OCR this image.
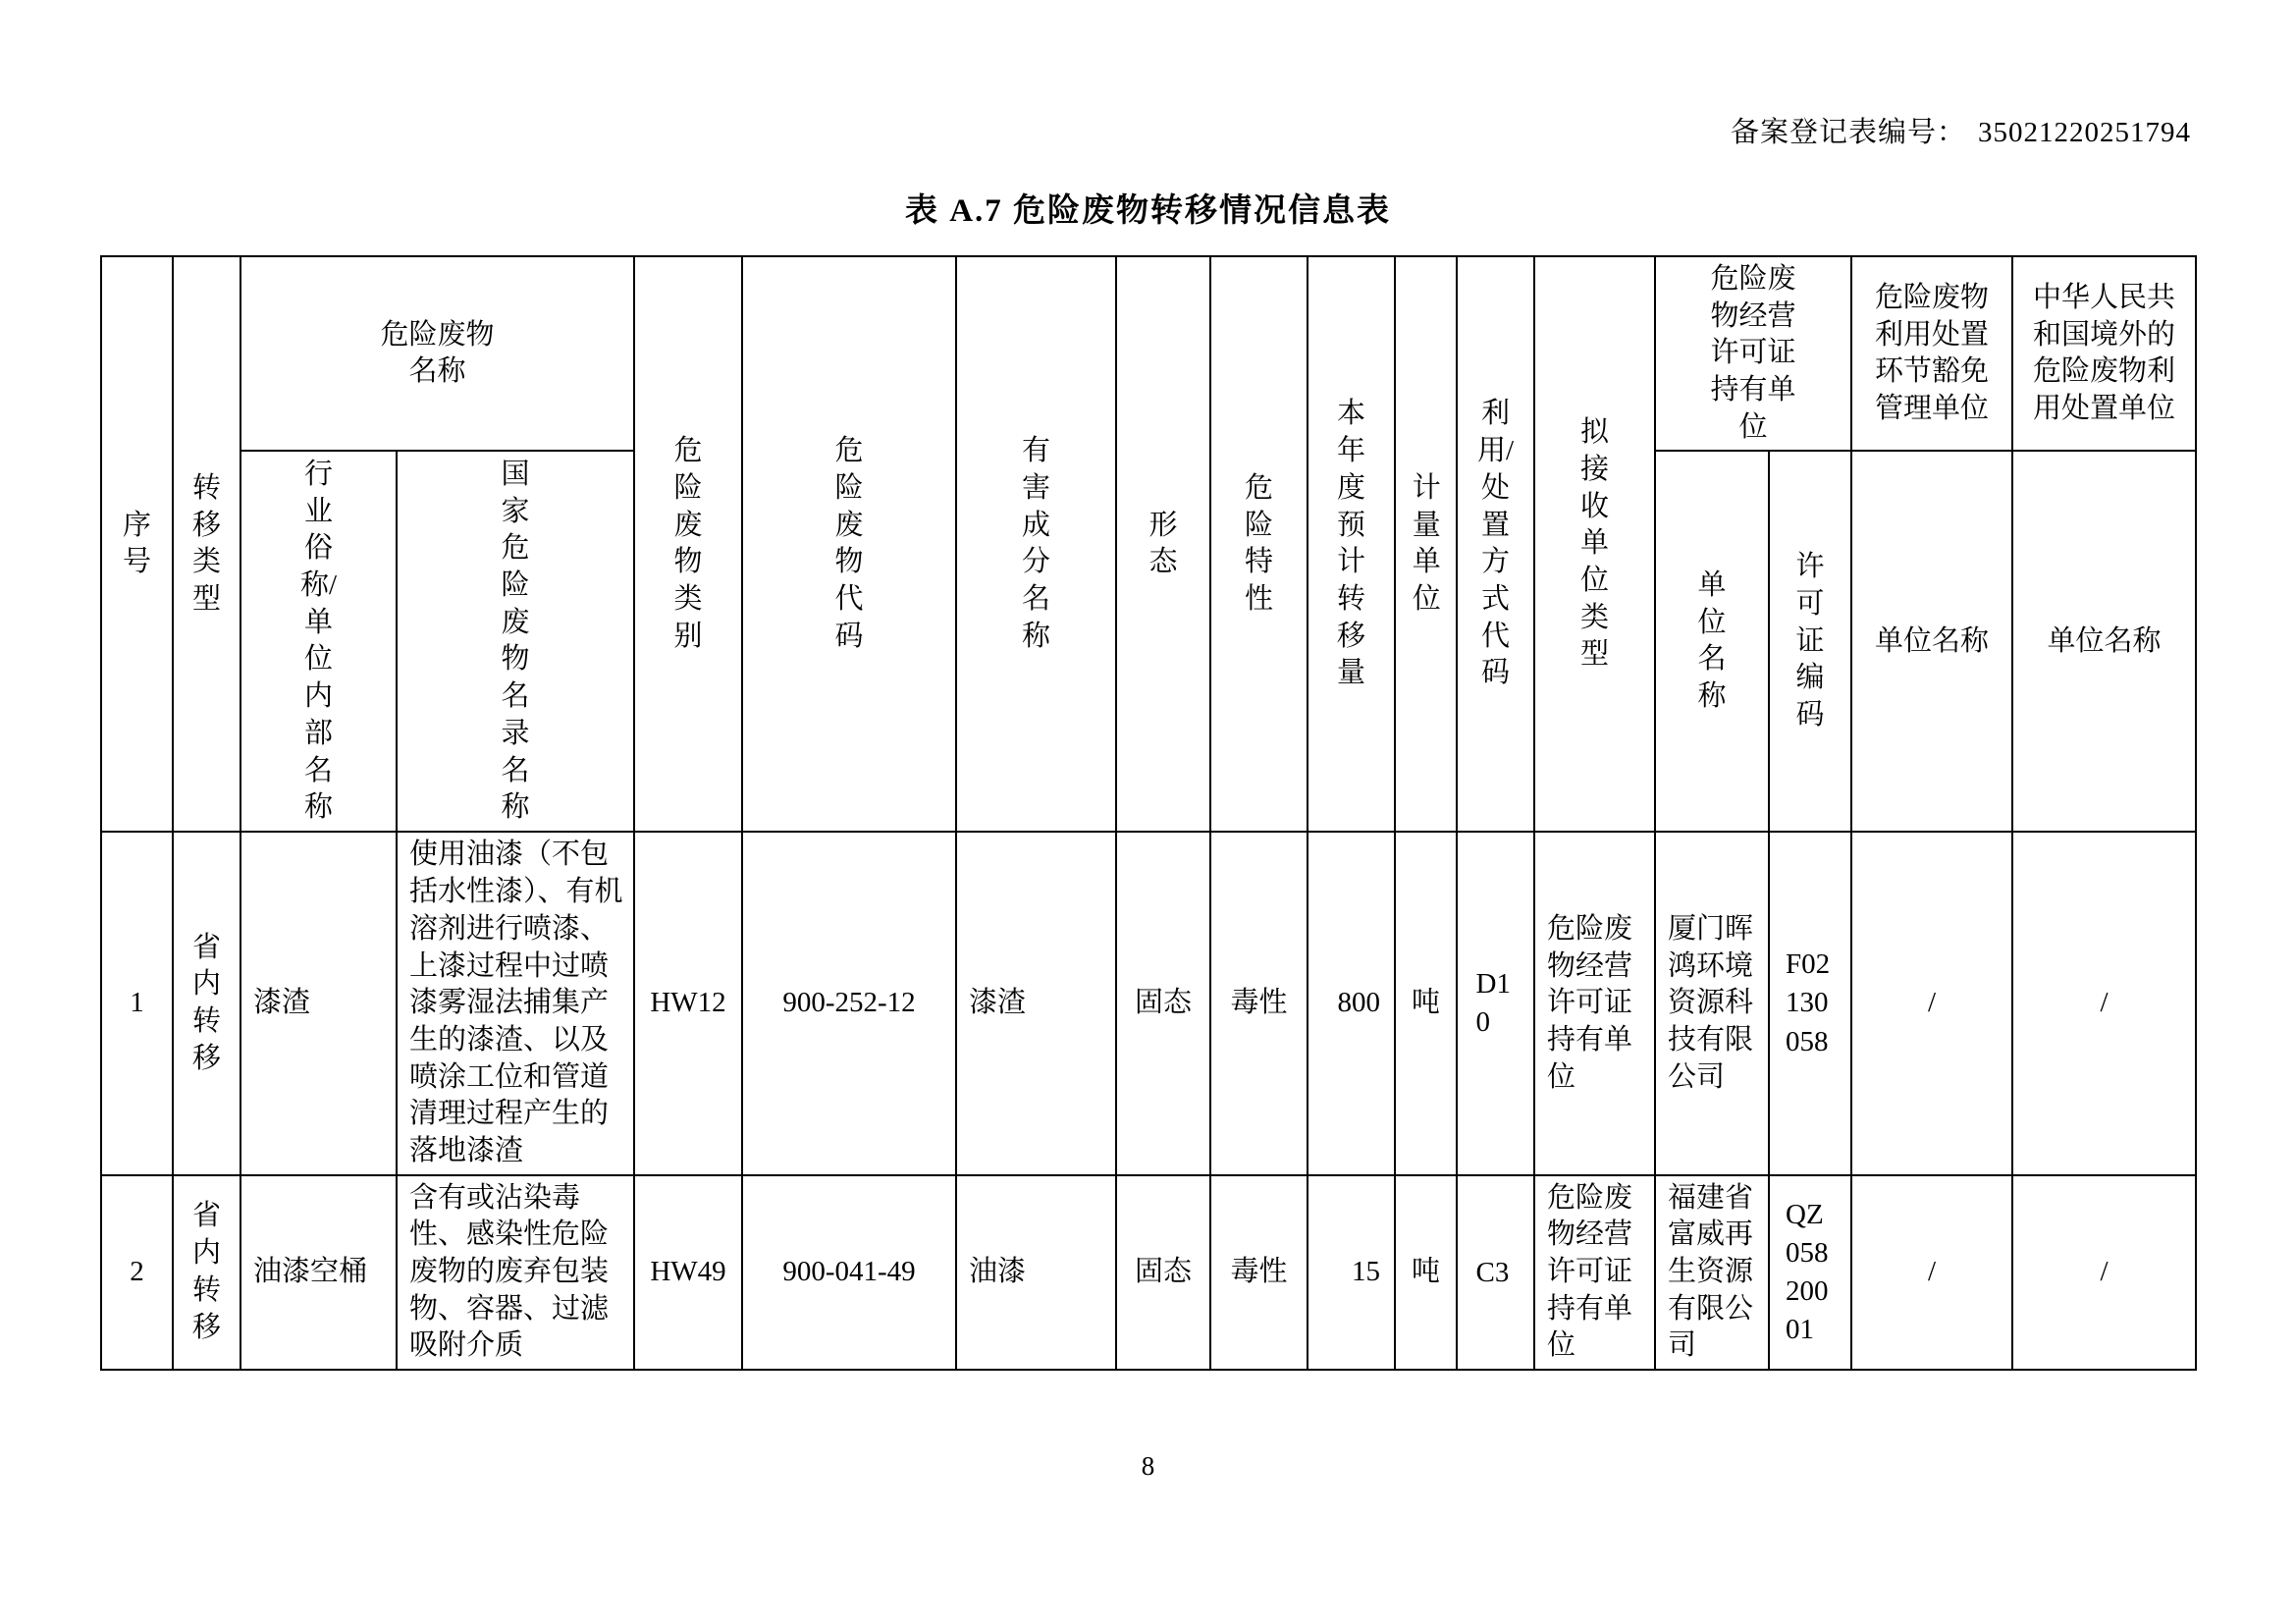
备案登记表编号： 35021220251794
表 A.7 危险废物转移情况信息表
序号	转移类型	危险废物名称		危险废物类别	危险废物代码	有害成分名称	形态	危险特性	本年度预计转移量	计量单位	利用/处置方式代码	拟接收单位类型	危险废物经营许可证持有单位		危险废物利用处置环节豁免管理单位	中华人民共和国境外的危险废物利用处置单位
		行业俗称/单位内部名称	国家危险废物名录名称										单位名称	许可证编码	单位名称	单位名称
1	省内转移	漆渣	使用油漆（不包括水性漆）、有机溶剂进行喷漆、上漆过程中过喷漆雾湿法捕集产生的漆渣、以及喷涂工位和管道清理过程产生的落地漆渣	HW12	900-252-12	漆渣	固态	毒性	800	吨	D10	危险废物经营许可证持有单位	厦门晖鸿环境资源科技有限公司	F02130058	/	/
2	省内转移	油漆空桶	含有或沾染毒性、感染性危险废物的废弃包装物、容器、过滤吸附介质	HW49	900-041-49	油漆	固态	毒性	15	吨	C3	危险废物经营许可证持有单位	福建省富威再生资源有限公司	QZ05820001	/	/
8
